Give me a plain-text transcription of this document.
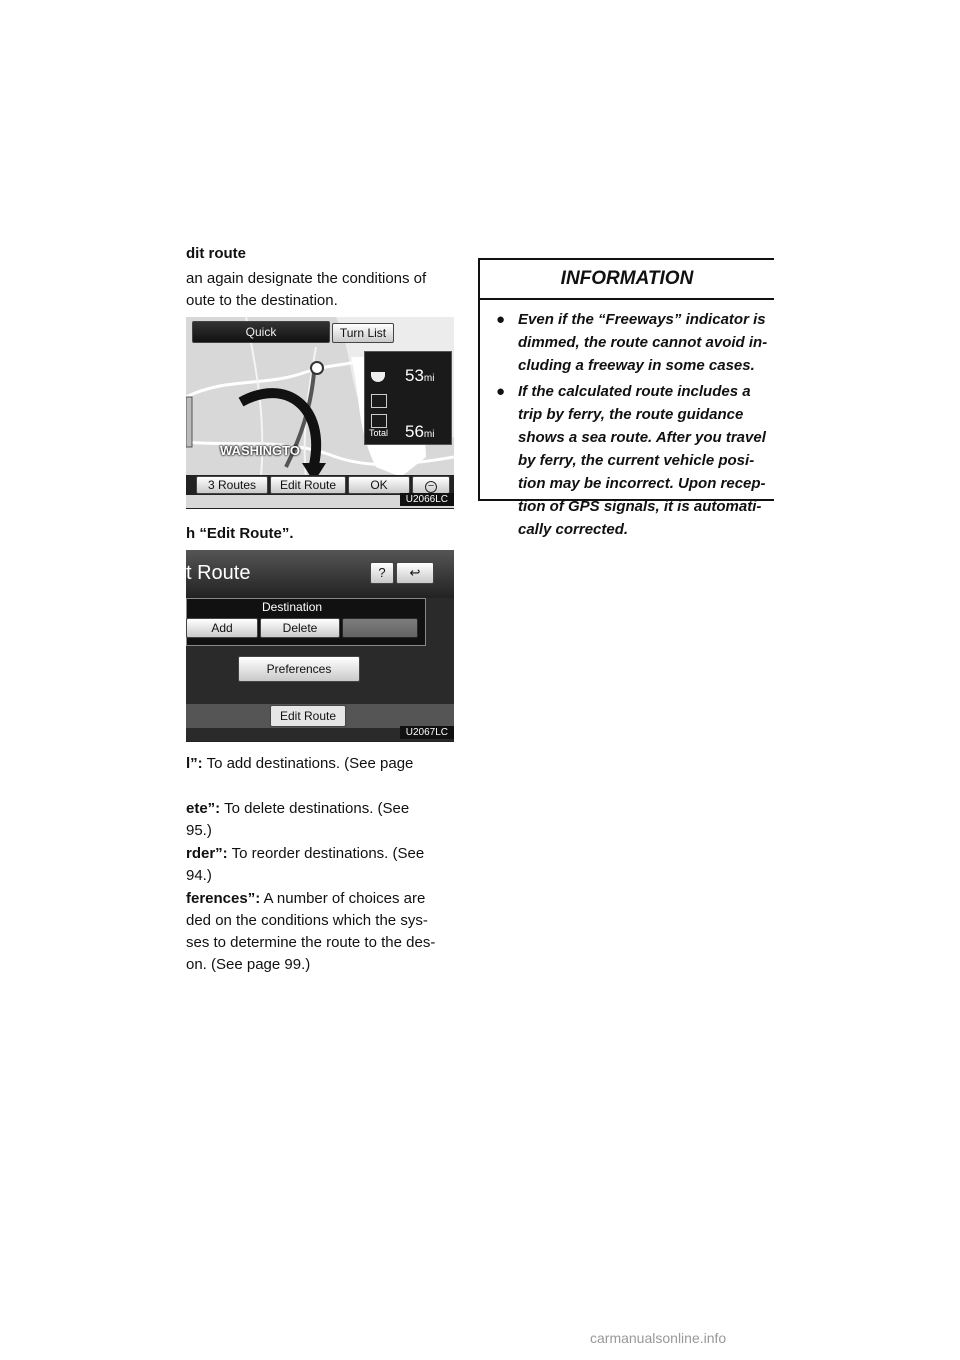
dit route
an again designate the conditions of
oute to the destination.
Quick	Turn List
53mi
Total 56mi
WASHINGTO
3 Routes	Edit Route	OK	–
U2066LC
h “Edit Route”.
t Route	?	↩
Destination
Add	Delete
Preferences
Edit Route
U2067LC
l”: To add destinations. (See page
ete”: To delete destinations. (See
95.)
rder”: To reorder destinations. (See
94.)
ferences”: A number of choices are
ded on the conditions which the sys-
ses to determine the route to the des-
on. (See page 99.)
INFORMATION
● Even if the “Freeways” indicator is dimmed, the route cannot avoid in- cluding a freeway in some cases.
● If the calculated route includes a trip by ferry, the route guidance shows a sea route. After you travel by ferry, the current vehicle posi- tion may be incorrect. Upon recep- tion of GPS signals, it is automati- cally corrected.
carmanualsonline.info
